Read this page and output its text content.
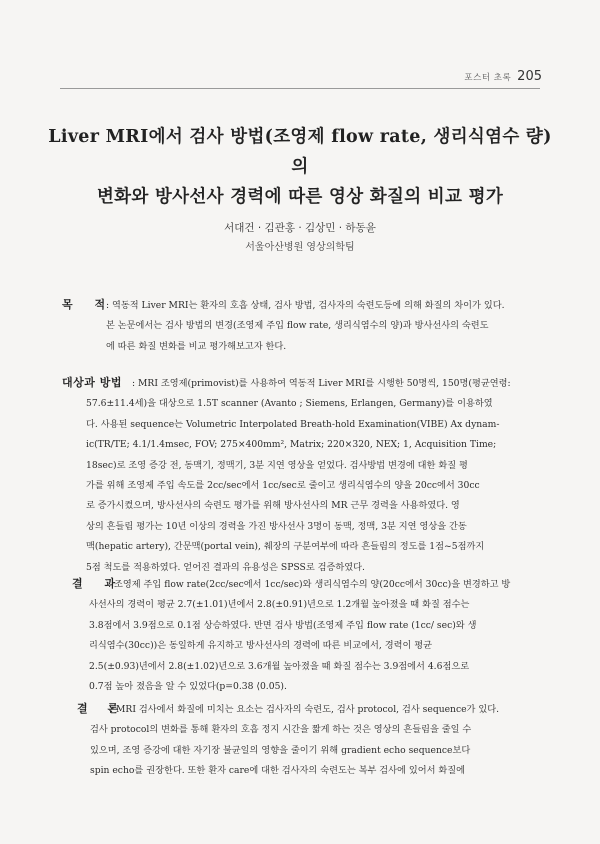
포스터 초록 205
Liver MRI에서 검사 방법(조영제 flow rate, 생리식염수 량)의
변화와 방사선사 경력에 따른 영상 화질의 비교 평가
서대건 · 김관홍 · 김상민 · 하동윤
서울아산병원 영상의학팀
목 적
: 역동적 Liver MRI는 환자의 호흡 상태, 검사 방법, 검사자의 숙련도등에 의해 화질의 차이가 있다.
본 논문에서는 검사 방법의 변경(조영제 주입 flow rate, 생리식염수의 양)과 방사선사의 숙련도
에 따른 화질 변화를 비교 평가해보고자 한다.
대상과 방법	: MRI 조영제(primovist)를 사용하여 역동적 Liver MRI를 시행한 50명씩, 150명(평균연령:
57.6±11.4세)을 대상으로 1.5T scanner (Avanto ; Siemens, Erlangen, Germany)를 이용하였
다. 사용된 sequence는 Volumetric Interpolated Breath-hold Examination(VIBE) Ax dynam-
ic(TR/TE; 4.1/1.4msec, FOV; 275×400mm², Matrix; 220×320, NEX; 1, Acquisition Time;
18sec)로 조영 증강 전, 동맥기, 정맥기, 3분 지연 영상을 얻었다. 검사방법 변경에 대한 화질 평
가를 위해 조영제 주입 속도를 2cc/sec에서 1cc/sec로 줄이고 생리식염수의 양을 20cc에서 30cc
로 증가시켰으며, 방사선사의 숙련도 평가를 위해 방사선사의 MR 근무 경력을 사용하였다. 영
상의 흔들림 평가는 10년 이상의 경력을 가진 방사선사 3명이 동맥, 정맥, 3분 지연 영상을 간동
맥(hepatic artery), 간문맥(portal vein), 췌장의 구분여부에 따라 흔들림의 정도를 1점~5점까지
5점 척도를 적용하였다. 얻어진 결과의 유용성은 SPSS로 검증하였다.
결 과
: 조영제 주입 flow rate(2cc/sec에서 1cc/sec)와 생리식염수의 양(20cc에서 30cc)을 변경하고 방
사선사의 경력이 평균 2.7(±1.01)년에서 2.8(±0.91)년으로 1.2개월 높아졌을 때 화질 점수는
3.8점에서 3.9점으로 0.1점 상승하였다. 반면 검사 방법(조영제 주입 flow rate (1cc/ sec)와 생
리식염수(30cc))은 동일하게 유지하고 방사선사의 경력에 따른 비교에서, 경력이 평균
2.5(±0.93)년에서 2.8(±1.02)년으로 3.6개월 높아졌을 때 화질 점수는 3.9점에서 4.6점으로
0.7점 높아 졌음을 알 수 있었다(p=0.38 ⟨0.05).
결 론
: MRI 검사에서 화질에 미치는 요소는 검사자의 숙련도, 검사 protocol, 검사 sequence가 있다.
검사 protocol의 변화를 통해 환자의 호흡 정지 시간을 짧게 하는 것은 영상의 흔들림을 줄일 수
있으며, 조영 증강에 대한 자기장 불균일의 영향을 줄이기 위해 gradient echo sequence보다
spin echo를 권장한다. 또한 환자 care에 대한 검사자의 숙련도는 복부 검사에 있어서 화질에
